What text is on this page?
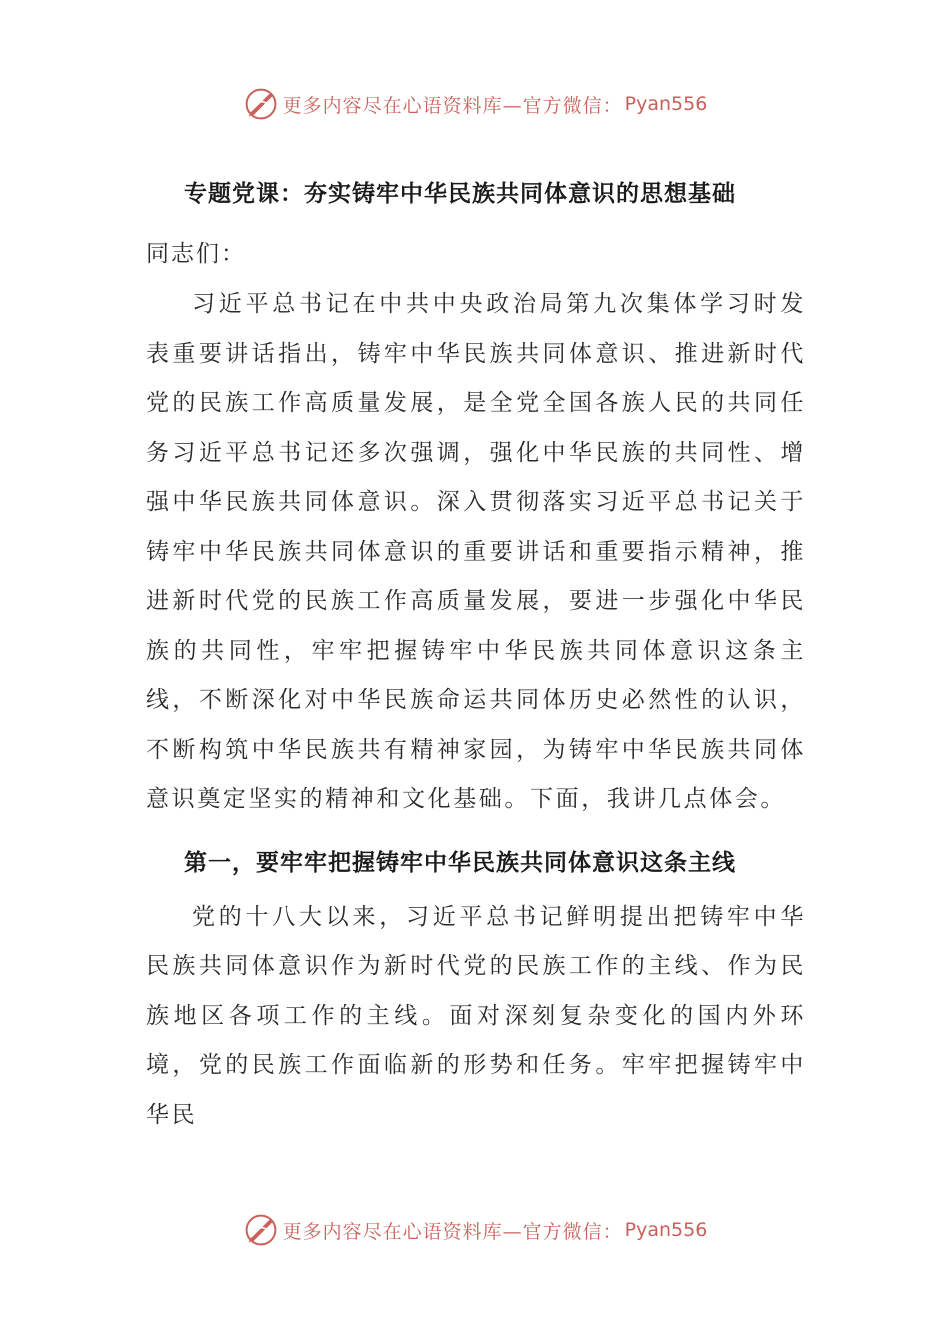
更多内容尽在心语资料库—官方微信： Pyan556
专题党课：夯实铸牢中华民族共同体意识的思想基础

同志们：

习近平总书记在中共中央政治局第九次集体学习时发表重要讲话指出，铸牢中华民族共同体意识、推进新时代党的民族工作高质量发展，是全党全国各族人民的共同任务习近平总书记还多次强调，强化中华民族的共同性、增强中华民族共同体意识。深入贯彻落实习近平总书记关于铸牢中华民族共同体意识的重要讲话和重要指示精神，推进新时代党的民族工作高质量发展，要进一步强化中华民族的共同性，牢牢把握铸牢中华民族共同体意识这条主线，不断深化对中华民族命运共同体历史必然性的认识，不断构筑中华民族共有精神家园，为铸牢中华民族共同体意识奠定坚实的精神和文化基础。下面，我讲几点体会。

第一，要牢牢把握铸牢中华民族共同体意识这条主线

党的十八大以来，习近平总书记鲜明提出把铸牢中华民族共同体意识作为新时代党的民族工作的主线、作为民族地区各项工作的主线。面对深刻复杂变化的国内外环境，党的民族工作面临新的形势和任务。牢牢把握铸牢中华民

更多内容尽在心语资料库—官方微信： Pyan556
